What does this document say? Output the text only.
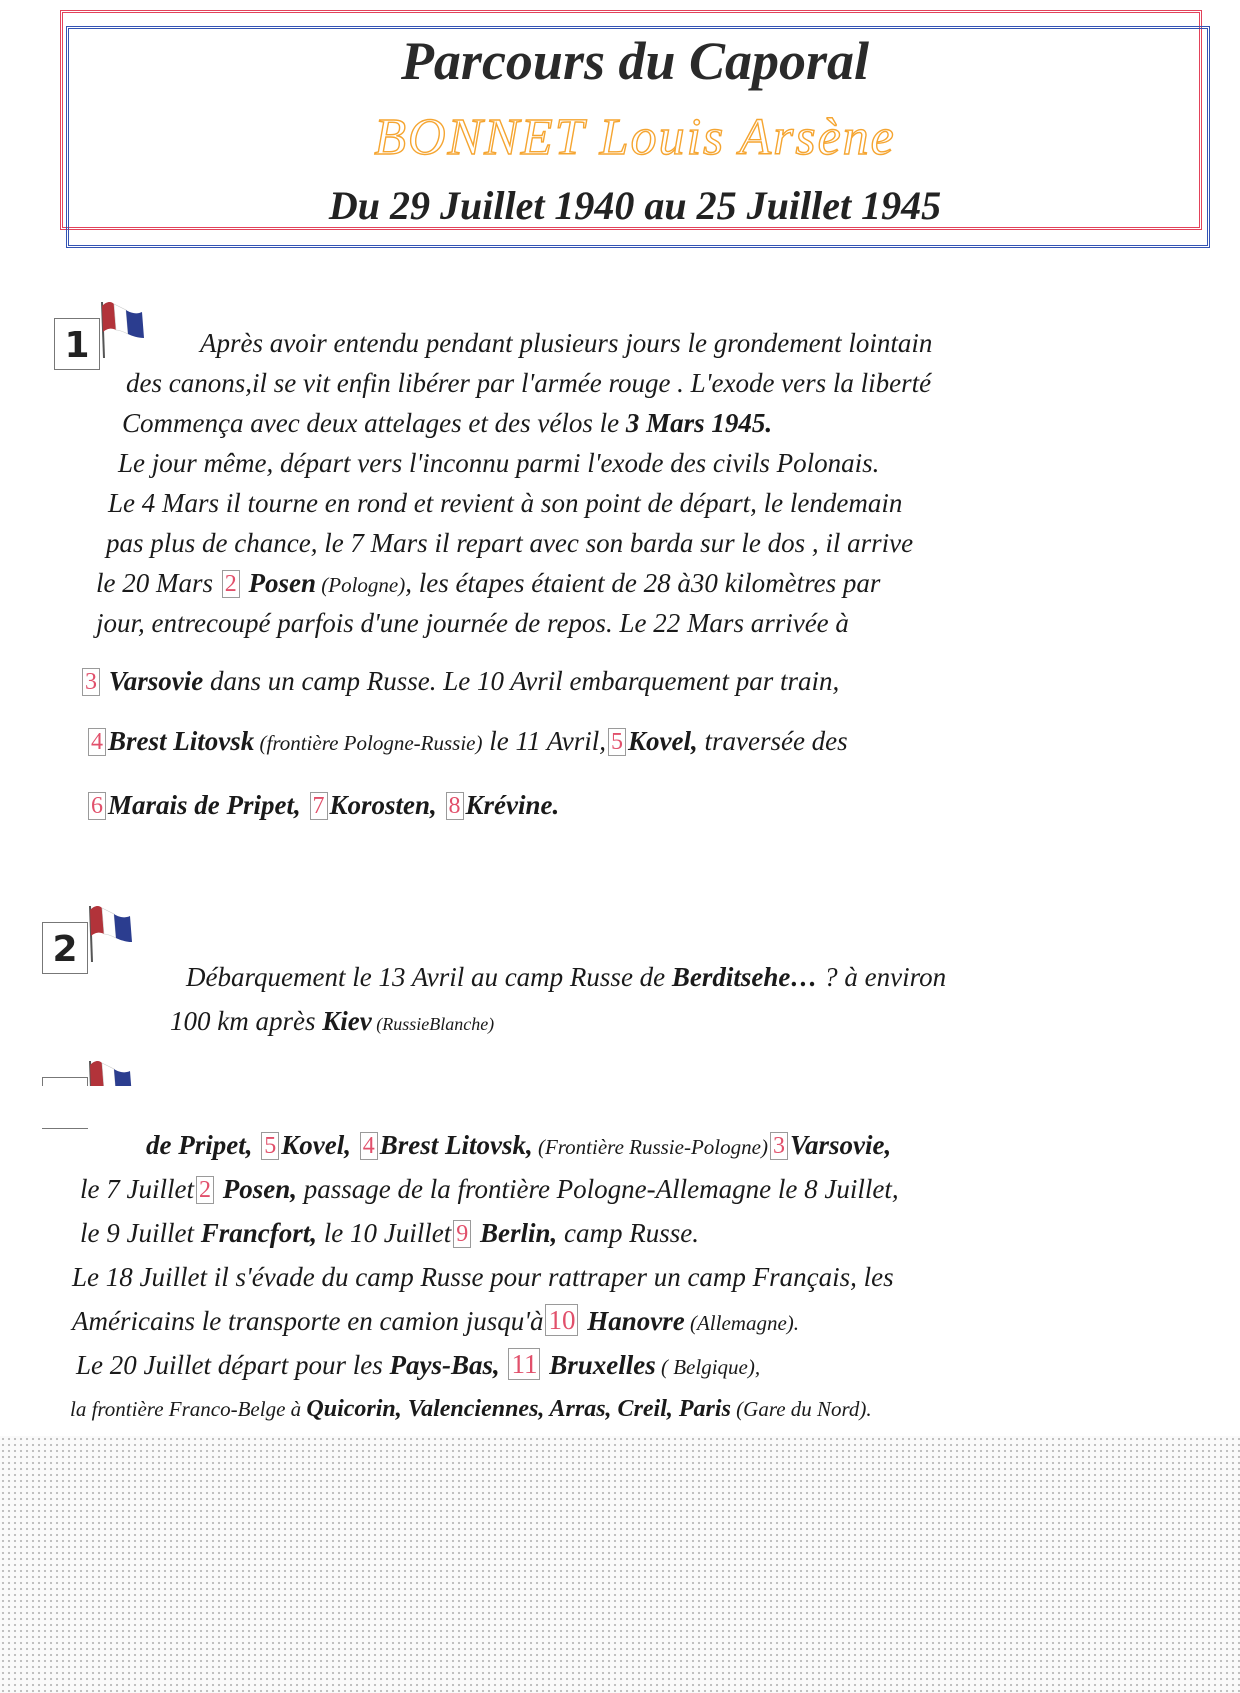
Parcours du Caporal
BONNET Louis Arsène
Du 29 Juillet 1940 au 25 Juillet 1945
1	Après avoir entendu pendant plusieurs jours le grondement lointain
des canons,il se vit enfin libérer par l'armée rouge . L'exode vers la liberté
Commença avec deux attelages et des vélos le 3 Mars 1945.
Le jour même, départ vers l'inconnu parmi l'exode des civils Polonais.
Le 4 Mars il tourne en rond et revient à son point de départ, le lendemain
pas plus de chance, le 7 Mars il repart avec son barda sur le dos , il arrive
le 20 Mars 2 Posen (Pologne), les étapes étaient de 28 à30 kilomètres par
jour, entrecoupé parfois d'une journée de repos. Le 22 Mars arrivée à
3 Varsovie dans un camp Russe. Le 10 Avril embarquement par train,
4 Brest Litovsk (frontière Pologne-Russie) le 11 Avril, 5 Kovel, traversée des
6 Marais de Pripet, 7 Korosten, 8 Krévine.
2
Débarquement le 13 Avril au camp Russe de Berditsehe… ? à environ
100 km après Kiev (RussieBlanche)

de Pripet, 5 Kovel, 4 Brest Litovsk, (Frontière Russie-Pologne) 3 Varsovie,
le 7 Juillet 2 Posen, passage de la frontière Pologne-Allemagne le 8 Juillet,
le 9 Juillet Francfort, le 10 Juillet 9 Berlin, camp Russe.
Le 18 Juillet il s'évade du camp Russe pour rattraper un camp Français, les
Américains le transporte en camion jusqu'à 10 Hanovre (Allemagne).
Le 20 Juillet départ pour les Pays-Bas, 11 Bruxelles ( Belgique),
la frontière Franco-Belge à Quicorin, Valenciennes, Arras, Creil, Paris (Gare du Nord).
